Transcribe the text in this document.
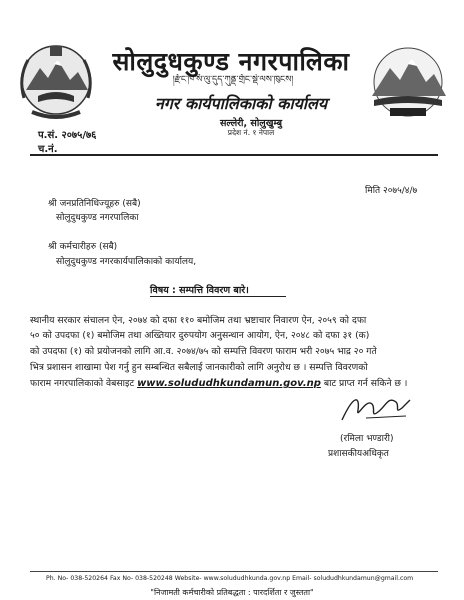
सोलुदुधकुण्ड नगरपालिका
།རྫོང་ཁ་སོ་ལུ་དུད་ཀུནྡ་གྲོང་སྡེ་ལས་ཁུངས།
नगर कार्यपालिकाको कार्यालय
सल्लेरी, सोलुखुम्बु
प्रदेश नं. १ नेपाल
प.सं. २०७५/७६
च.नं.
मिति २०७५/४/७
श्री जनप्रतिनिधिज्यूहरु (सबै)
सोलुदुधकुण्ड नगरपालिका
श्री कर्मचारीहरु (सबै)
सोलुदुधकुण्ड नगरकार्यपालिकाको कार्यालय,
विषय : सम्पत्ति विवरण बारे।
स्थानीय सरकार संचालन ऐन, २०७४ को दफा ११० बमोजिम तथा भ्रष्टाचार निवारण ऐन, २०५९ को दफा
५० को उपदफा (१) बमोजिम तथा अख्तियार दुरुपयोग अनुसन्धान आयोग, ऐन, २०४८ को दफा ३१ (क)
को उपदफा (१) को प्रयोजनको लागि आ.व. २०७४/७५ को सम्पत्ति विवरण फाराम भरी २०७५ भाद्र २० गते
भित्र प्रशासन शाखामा पेश गर्नु हुन सम्बन्धित सबैलाई जानकारीको लागि अनुरोध छ । सम्पत्ति विवरणको
फाराम नगरपालिकाको वेबसाइट www.solududhkundamun.gov.np बाट प्राप्त गर्न सकिने छ ।
(रमिला भण्डारी)
प्रशासकीयअधिकृत
Ph. No- 038-520264 Fax No- 038-520248 Website- www.solududhkunda.gov.np Email- solududhkundamun@gmail.com
"निजामती कर्मचारीको प्रतिबद्धता : पारदर्शिता र जुस्तता"
